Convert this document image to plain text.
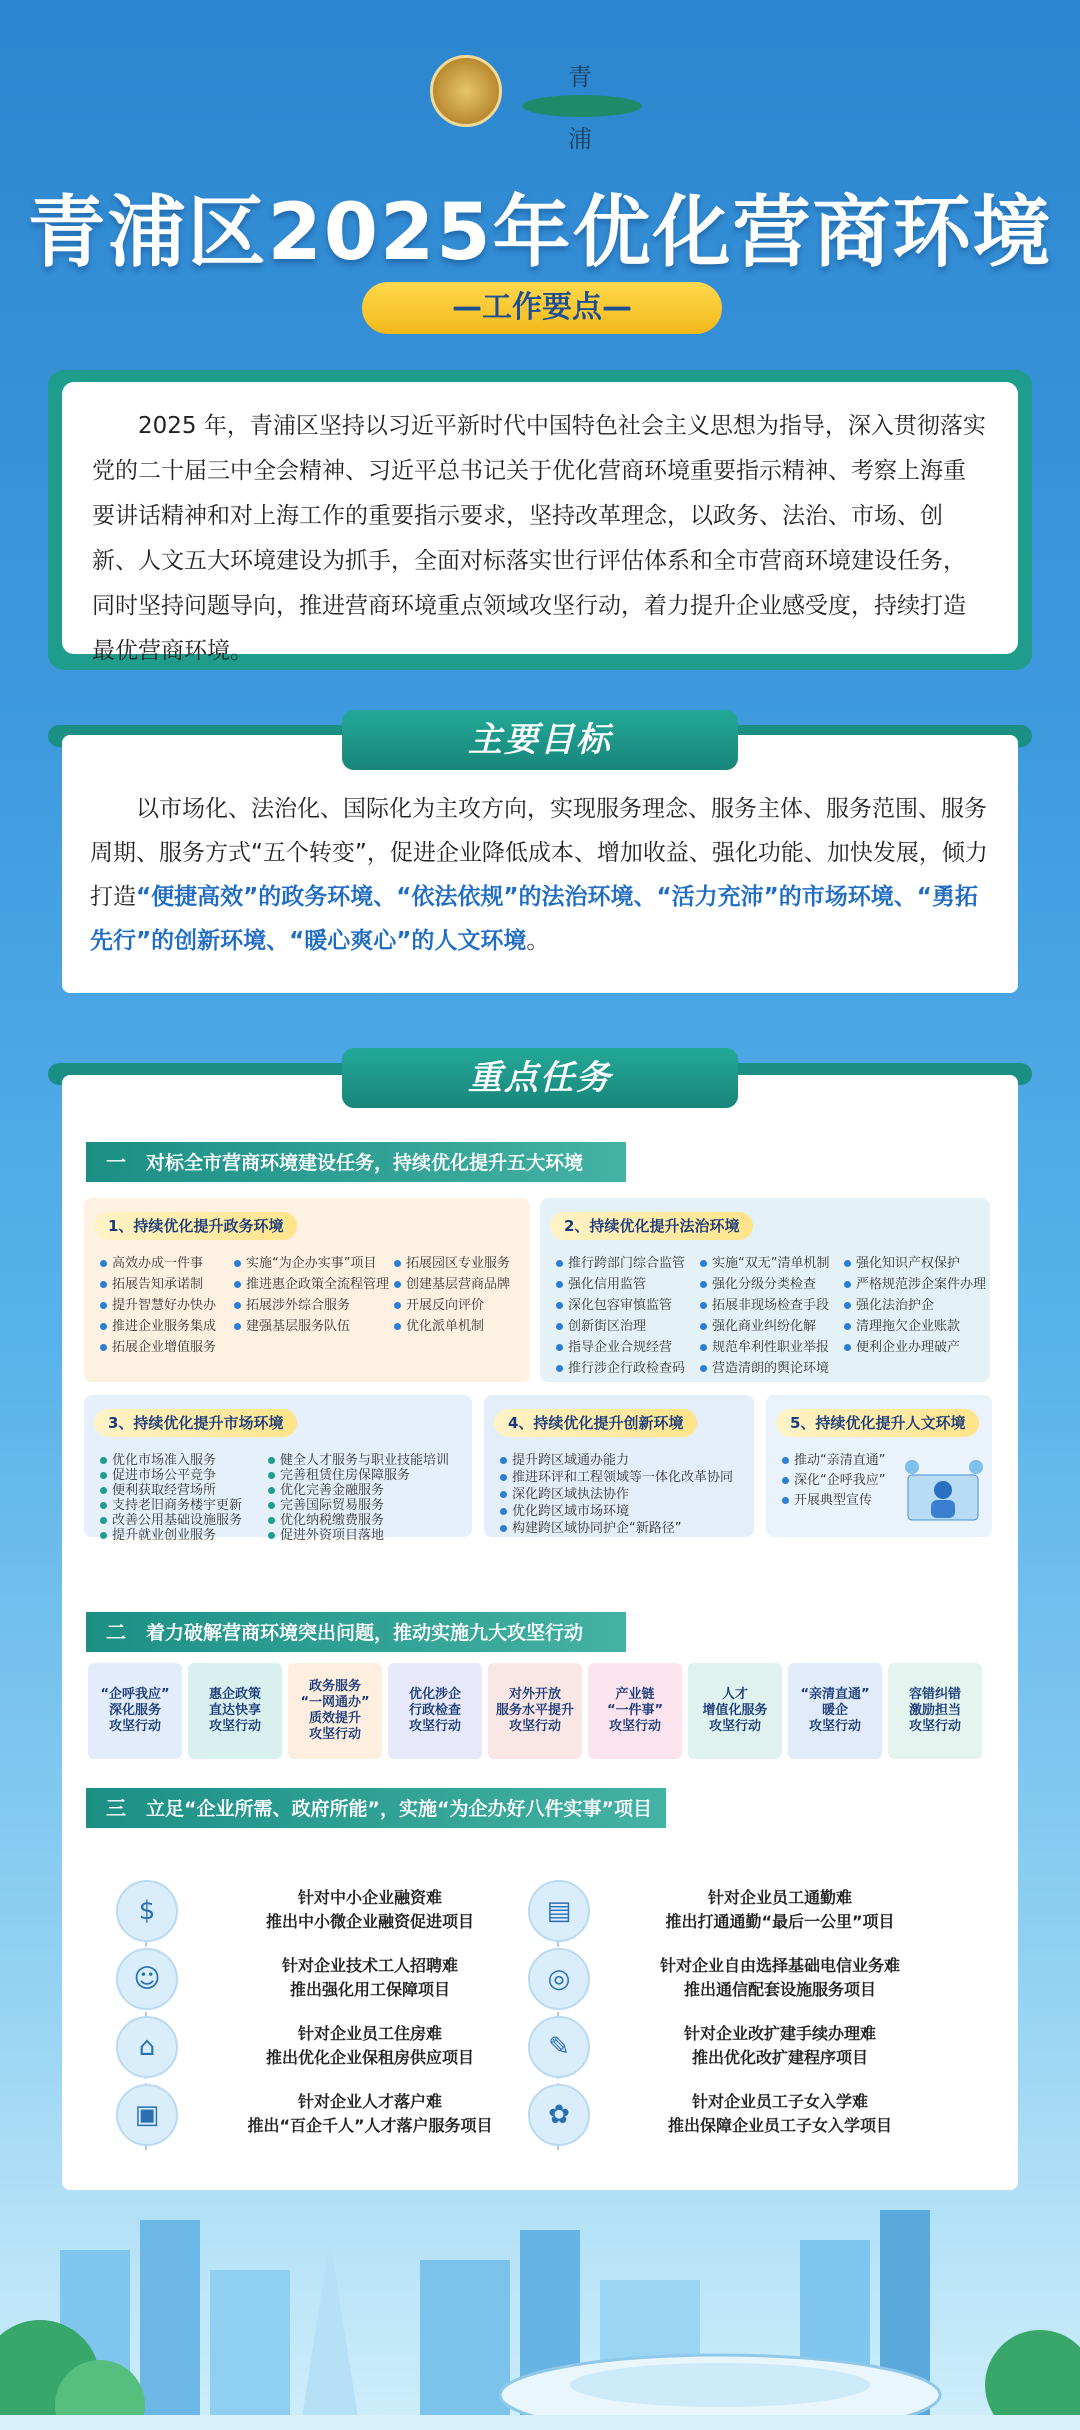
青
浦
青浦区2025年优化营商环境
—工作要点—

2025 年，青浦区坚持以习近平新时代中国特色社会主义思想为指导，深入贯彻落实党的二十届三中全会精神、习近平总书记关于优化营商环境重要指示精神、考察上海重要讲话精神和对上海工作的重要指示要求，坚持改革理念，以政务、法治、市场、创新、人文五大环境建设为抓手，全面对标落实世行评估体系和全市营商环境建设任务，同时坚持问题导向，推进营商环境重点领域攻坚行动，着力提升企业感受度，持续打造最优营商环境。

以市场化、法治化、国际化为主攻方向，实现服务理念、服务主体、服务范围、服务周期、服务方式“五个转变”，促进企业降低成本、增加收益、强化功能、加快发展，倾力打造“便捷高效”的政务环境、“依法依规”的法治环境、“活力充沛”的市场环境、“勇拓先行”的创新环境、“暖心爽心”的人文环境。

主要目标
重点任务
一 对标全市营商环境建设任务，持续优化提升五大环境
1、持续优化提升政务环境
高效办成一件事
拓展告知承诺制
提升智慧好办快办
推进企业服务集成
拓展企业增值服务
实施“为企办实事”项目
推进惠企政策全流程管理
拓展涉外综合服务
建强基层服务队伍
拓展园区专业服务
创建基层营商品牌
开展反向评价
优化派单机制
2、持续优化提升法治环境
推行跨部门综合监管
强化信用监管
深化包容审慎监管
创新街区治理
指导企业合规经营
推行涉企行政检查码
实施“双无”清单机制
强化分级分类检查
拓展非现场检查手段
强化商业纠纷化解
规范牟利性职业举报
营造清朗的舆论环境
强化知识产权保护
严格规范涉企案件办理
强化法治护企
清理拖欠企业账款
便利企业办理破产
3、持续优化提升市场环境
优化市场准入服务
促进市场公平竞争
便利获取经营场所
支持老旧商务楼宇更新
改善公用基础设施服务
提升就业创业服务
健全人才服务与职业技能培训
完善租赁住房保障服务
优化完善金融服务
完善国际贸易服务
优化纳税缴费服务
促进外资项目落地
4、持续优化提升创新环境
提升跨区域通办能力
推进环评和工程领域等一体化改革协同
深化跨区域执法协作
优化跨区域市场环境
构建跨区域协同护企“新路径”
5、持续优化提升人文环境
推动“亲清直通”
深化“企呼我应”
开展典型宣传
二 着力破解营商环境突出问题，推动实施九大攻坚行动
“企呼我应”
深化服务
攻坚行动
惠企政策
直达快享
攻坚行动
政务服务
“一网通办”
质效提升
攻坚行动
优化涉企
行政检查
攻坚行动
对外开放
服务水平提升
攻坚行动
产业链
“一件事”
攻坚行动
人才
增值化服务
攻坚行动
“亲清直通”
暖企
攻坚行动
容错纠错
激励担当
攻坚行动
三 立足“企业所需、政府所能”，实施“为企办好八件实事”项目
$	针对中小企业融资难
推出中小微企业融资促进项目
☺	针对企业技术工人招聘难
推出强化用工保障项目
⌂	针对企业员工住房难
推出优化企业保租房供应项目
▣	针对企业人才落户难
推出“百企千人”人才落户服务项目
▤	针对企业员工通勤难
推出打通通勤“最后一公里”项目
◎	针对企业自由选择基础电信业务难
推出通信配套设施服务项目
✎	针对企业改扩建手续办理难
推出优化改扩建程序项目
✿	针对企业员工子女入学难
推出保障企业员工子女入学项目
